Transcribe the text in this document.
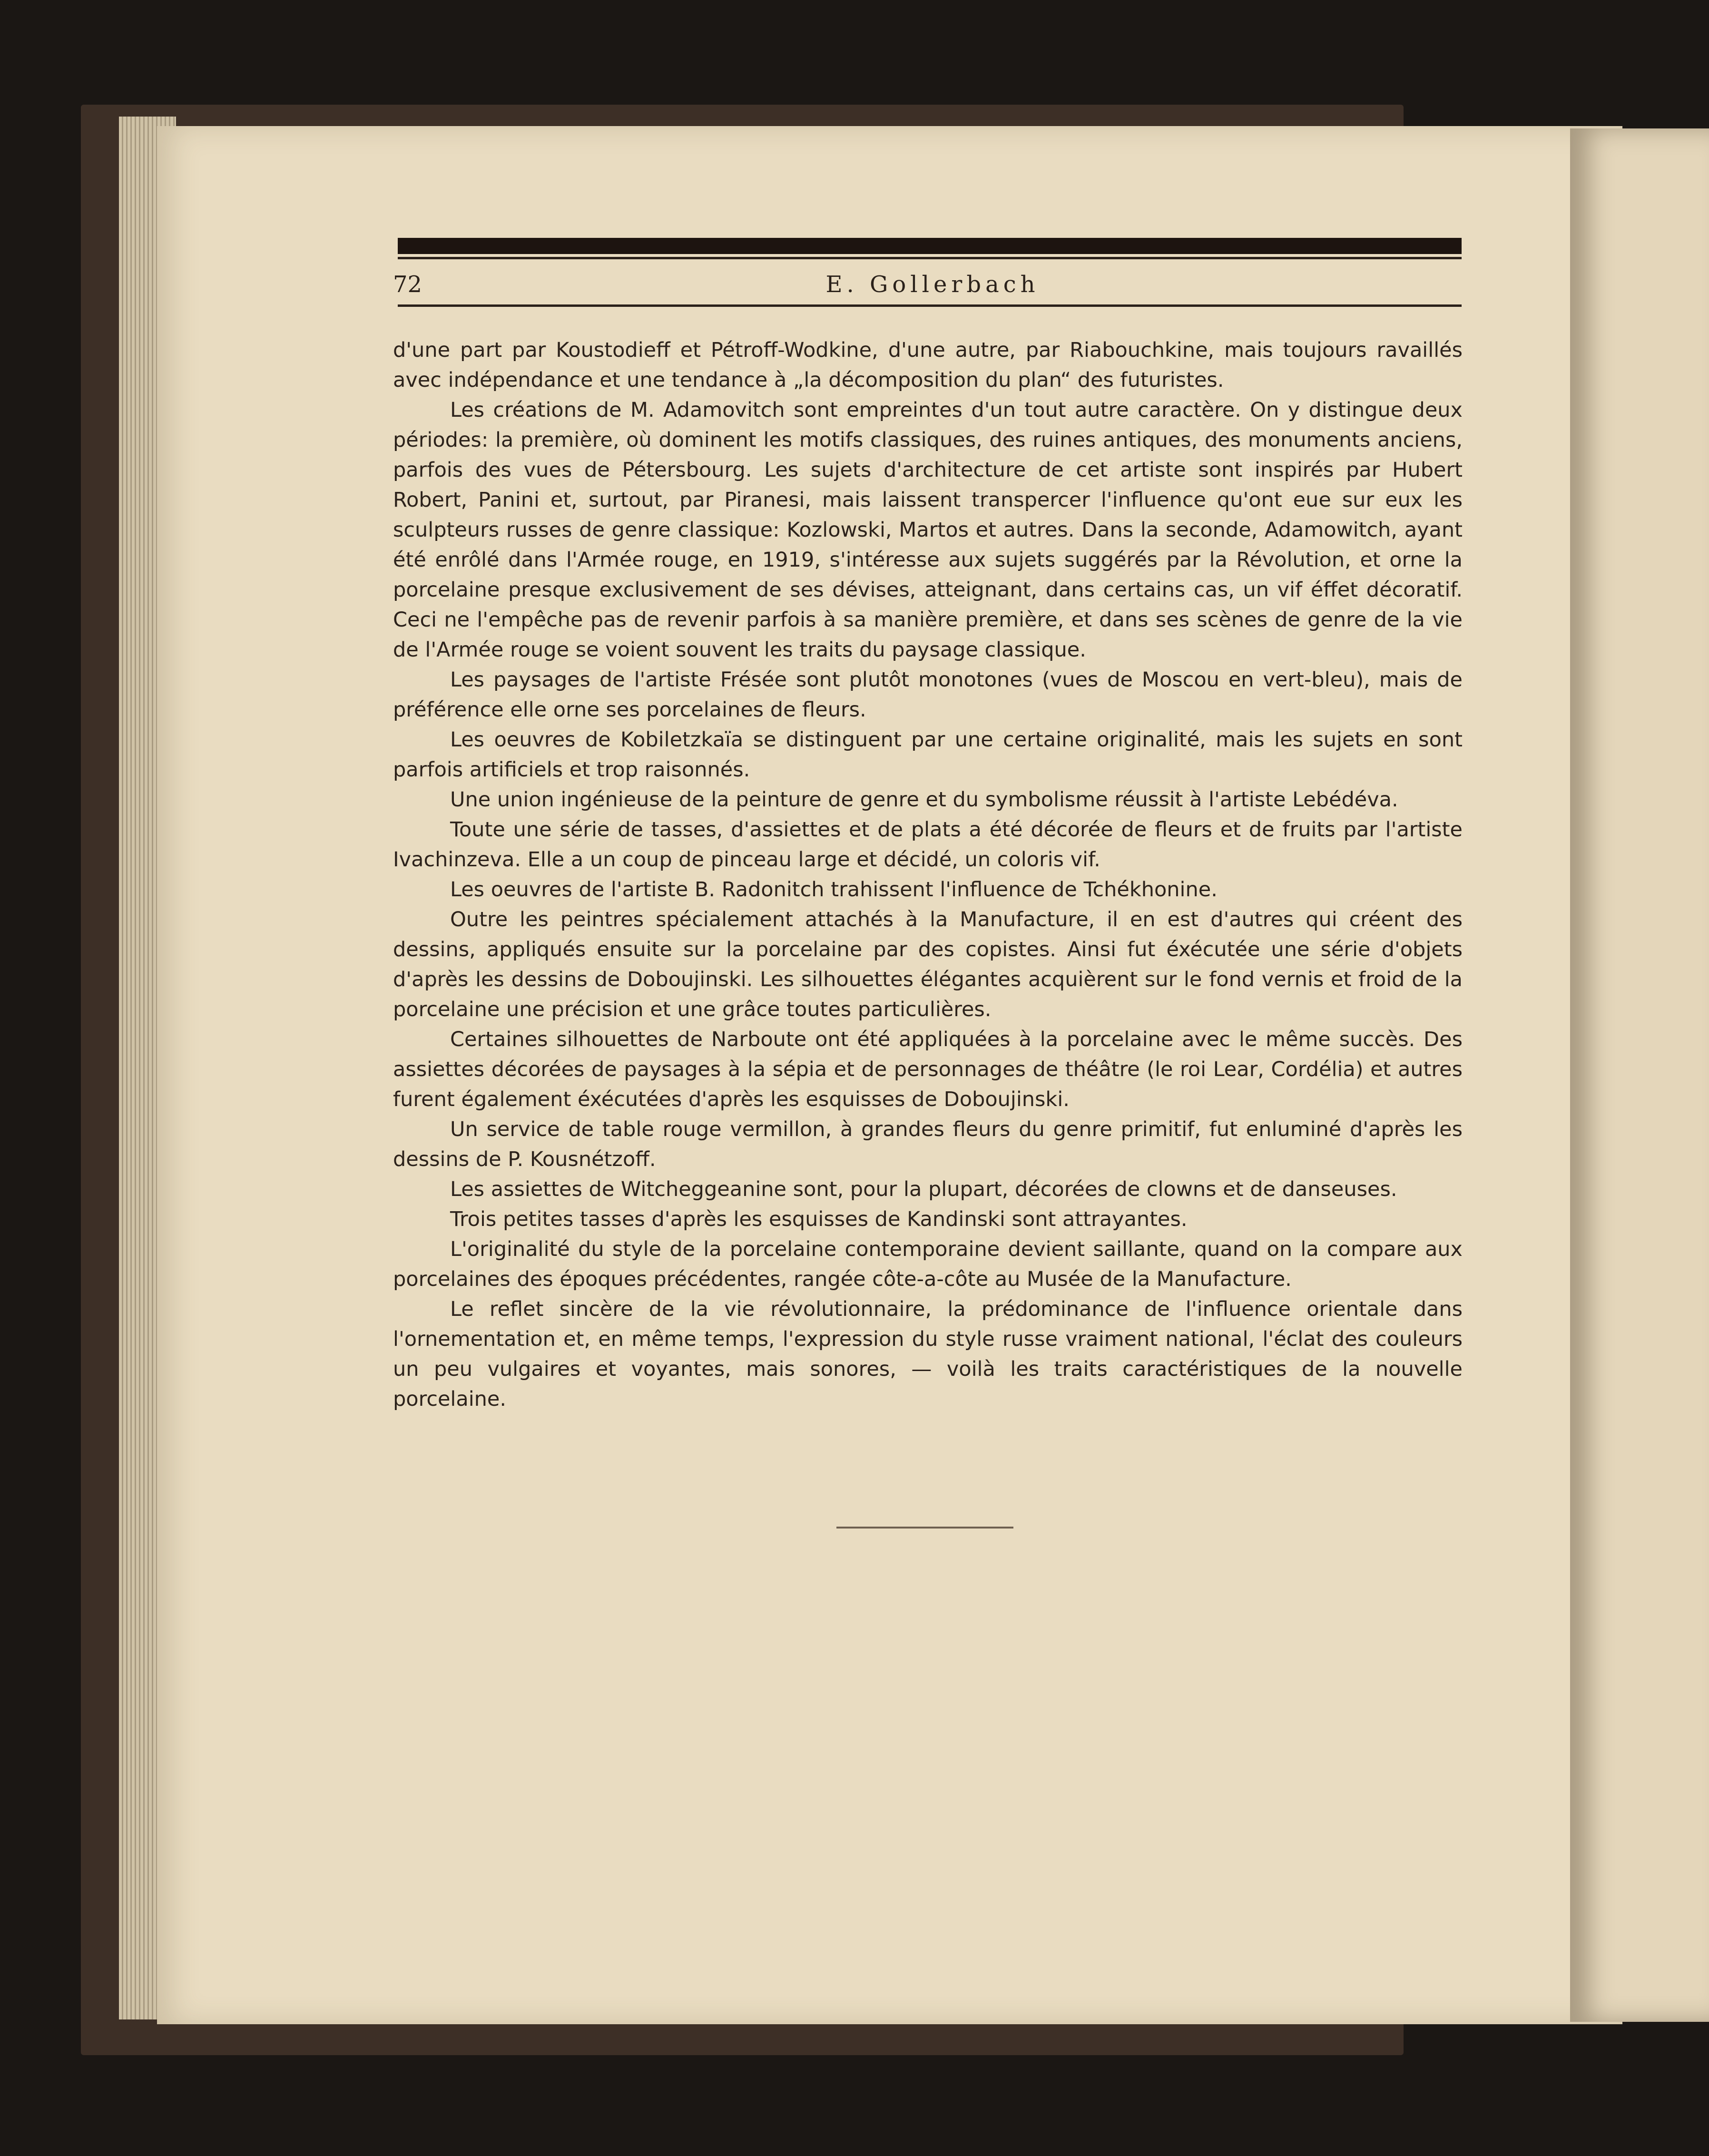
72	E. Gollerbach

d'une part par Koustodieff et Pétroff-Wodkine, d'une autre, par Riabouchkine, mais toujours ravaillés avec indépendance et une tendance à „la décomposition du plan“ des futuristes.

Les créations de M. Adamovitch sont empreintes d'un tout autre caractère. On y distingue deux périodes: la première, où dominent les motifs classiques, des ruines antiques, des monuments anciens, parfois des vues de Pétersbourg. Les sujets d'architecture de cet artiste sont inspirés par Hubert Robert, Panini et, surtout, par Piranesi, mais laissent transpercer l'influence qu'ont eue sur eux les sculpteurs russes de genre classique: Kozlowski, Martos et autres. Dans la seconde, Adamowitch, ayant été enrôlé dans l'Armée rouge, en 1919, s'intéresse aux sujets suggérés par la Révolution, et orne la porcelaine presque exclusivement de ses dévises, atteignant, dans certains cas, un vif éffet décoratif. Ceci ne l'empêche pas de revenir parfois à sa manière première, et dans ses scènes de genre de la vie de l'Armée rouge se voient souvent les traits du paysage classique.

Les paysages de l'artiste Frésée sont plutôt monotones (vues de Moscou en vert-bleu), mais de préférence elle orne ses porcelaines de fleurs.

Les oeuvres de Kobiletzkaïa se distinguent par une certaine originalité, mais les sujets en sont parfois artificiels et trop raisonnés.

Une union ingénieuse de la peinture de genre et du symbolisme réussit à l'artiste Lebédéva.

Toute une série de tasses, d'assiettes et de plats a été décorée de fleurs et de fruits par l'artiste Ivachinzeva. Elle a un coup de pinceau large et décidé, un coloris vif.

Les oeuvres de l'artiste B. Radonitch trahissent l'influence de Tchékhonine.

Outre les peintres spécialement attachés à la Manufacture, il en est d'autres qui créent des dessins, appliqués ensuite sur la porcelaine par des copistes. Ainsi fut éxécutée une série d'objets d'après les dessins de Doboujinski. Les silhouettes élégantes acquièrent sur le fond vernis et froid de la porcelaine une précision et une grâce toutes particulières.

Certaines silhouettes de Narboute ont été appliquées à la porcelaine avec le même succès. Des assiettes décorées de paysages à la sépia et de personnages de théâtre (le roi Lear, Cordélia) et autres furent également éxécutées d'après les esquisses de Doboujinski.

Un service de table rouge vermillon, à grandes fleurs du genre primitif, fut enluminé d'après les dessins de P. Kousnétzoff.

Les assiettes de Witcheggeanine sont, pour la plupart, décorées de clowns et de danseuses.

Trois petites tasses d'après les esquisses de Kandinski sont attrayantes.

L'originalité du style de la porcelaine contemporaine devient saillante, quand on la compare aux porcelaines des époques précédentes, rangée côte-a-côte au Musée de la Manufacture.

Le reflet sincère de la vie révolutionnaire, la prédominance de l'influence orientale dans l'ornementation et, en même temps, l'expression du style russe vraiment national, l'éclat des couleurs un peu vulgaires et voyantes, mais sonores, — voilà les traits caractéristiques de la nouvelle porcelaine.
